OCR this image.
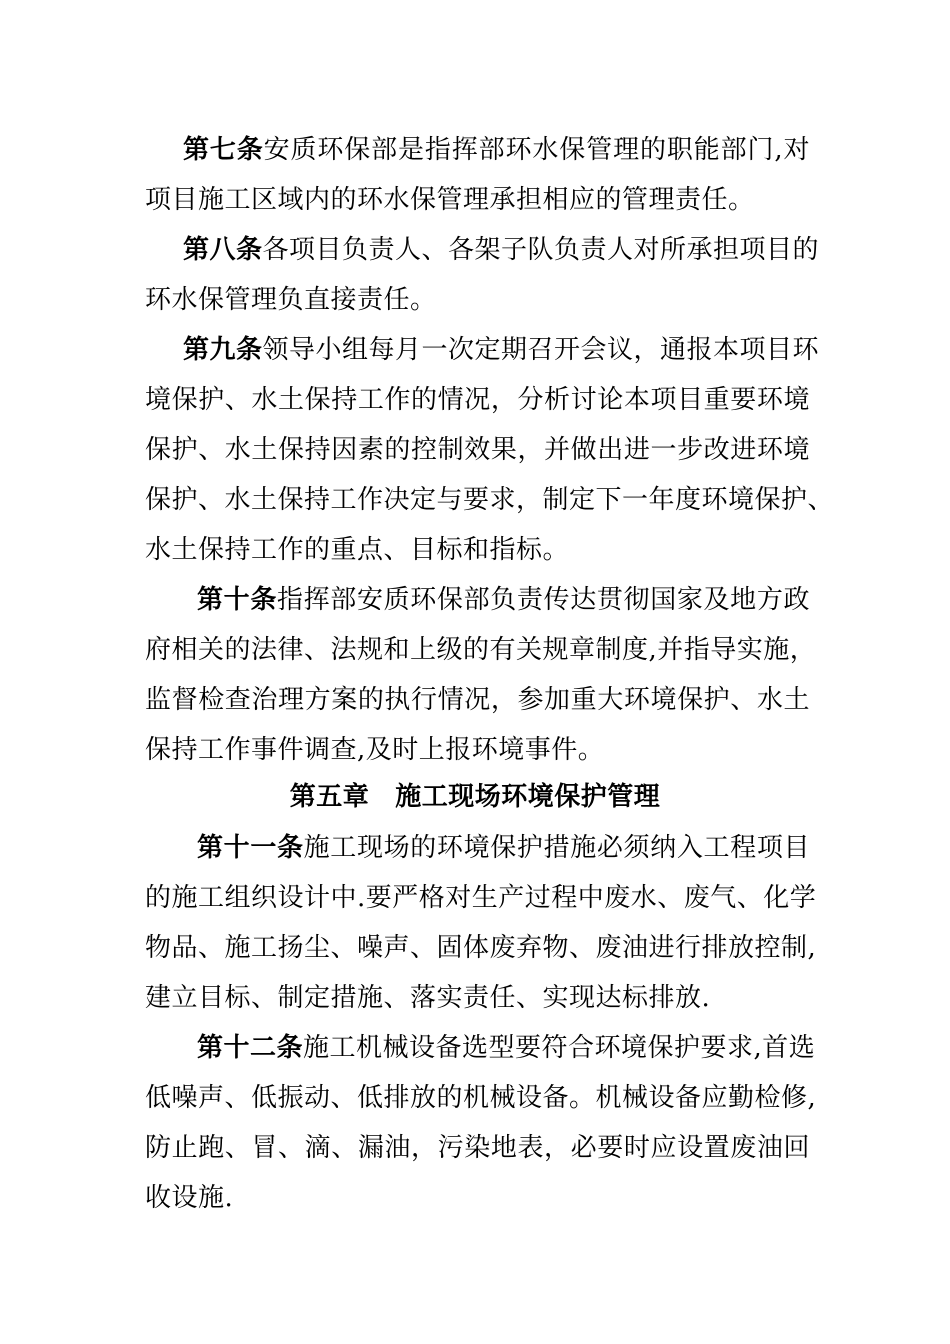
第七条安质环保部是指挥部环水保管理的职能部门,对
项目施工区域内的环水保管理承担相应的管理责任。
第八条各项目负责人、各架子队负责人对所承担项目的
环水保管理负直接责任。
第九条领导小组每月一次定期召开会议，通报本项目环
境保护、水土保持工作的情况，分析讨论本项目重要环境
保护、水土保持因素的控制效果，并做出进一步改进环境
保护、水土保持工作决定与要求，制定下一年度环境保护、
水土保持工作的重点、目标和指标。
第十条指挥部安质环保部负责传达贯彻国家及地方政
府相关的法律、法规和上级的有关规章制度,并指导实施，
监督检查治理方案的执行情况，参加重大环境保护、水土
保持工作事件调查,及时上报环境事件。
第五章 施工现场环境保护管理
第十一条施工现场的环境保护措施必须纳入工程项目
的施工组织设计中.要严格对生产过程中废水、废气、化学
物品、施工扬尘、噪声、固体废弃物、废油进行排放控制,
建立目标、制定措施、落实责任、实现达标排放.
第十二条施工机械设备选型要符合环境保护要求,首选
低噪声、低振动、低排放的机械设备。机械设备应勤检修,
防止跑、冒、滴、漏油，污染地表，必要时应设置废油回
收设施.
